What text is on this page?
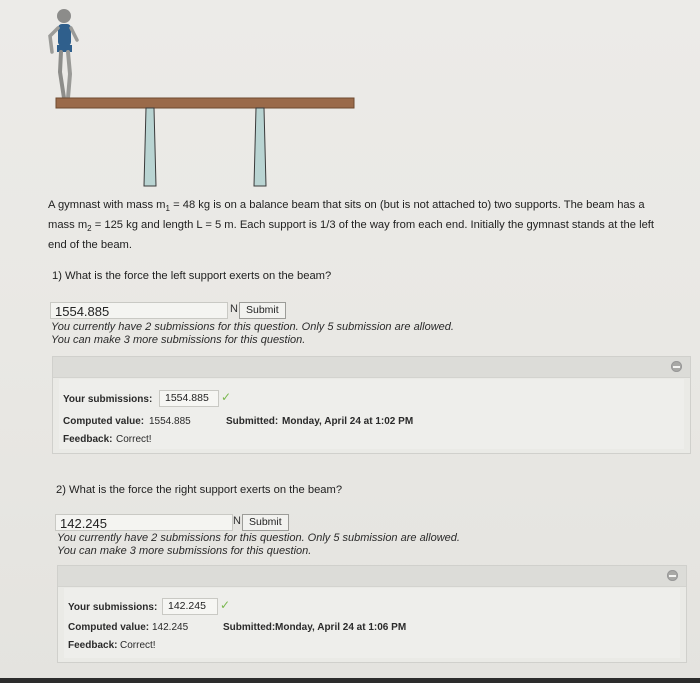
A gymnast with mass $m_1 = 48$ kg is on a balance beam that sits on (but is not attached to) two supports. The beam has a mass $m_2 = 125$ kg and length L = 5 m. Each support is 1/3 of the way from each end. Initially the gymnast stands at the left end of the beam.
1) What is the force the left support exerts on the beam?
1554.885	N Submit
You currently have 2 submissions for this question. Only 5 submission are allowed.
You can make 3 more submissions for this question.
Your submissions:	1554.885	✓
Computed value: 1554.885	Submitted: Monday, April 24 at 1:02 PM
Feedback: Correct!
2) What is the force the right support exerts on the beam?
142.245	N Submit
You currently have 2 submissions for this question. Only 5 submission are allowed.
You can make 3 more submissions for this question.
Your submissions:	142.245	✓
Computed value: 142.245	Submitted: Monday, April 24 at 1:06 PM
Feedback: Correct!
